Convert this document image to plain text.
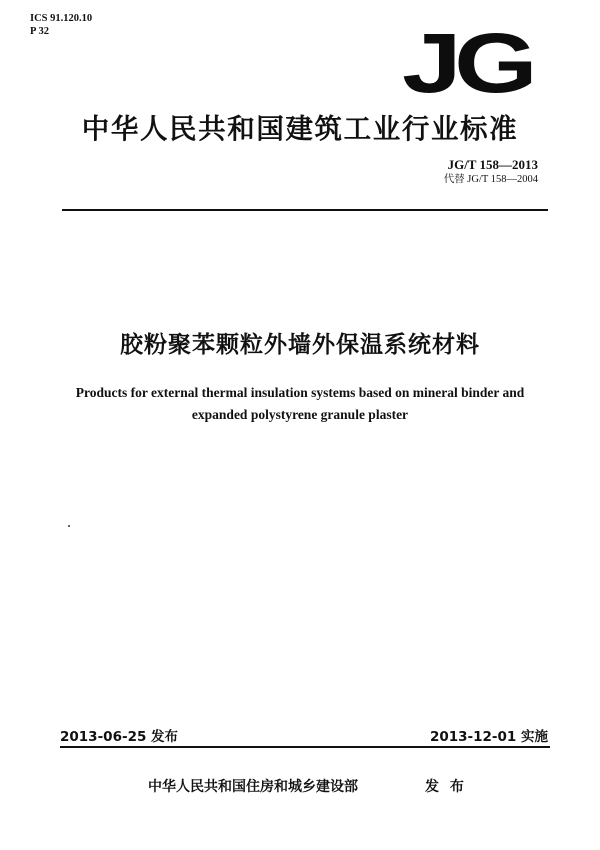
ICS 91.120.10
P 32	JG
中华人民共和国建筑工业行业标准
JG/T 158—2013
代替 JG/T 158—2004
胶粉聚苯颗粒外墙外保温系统材料
Products for external thermal insulation systems based on mineral binder and
expanded polystyrene granule plaster
2013-06-25 发布	2013-12-01 实施
中华人民共和国住房和城乡建设部	发 布
